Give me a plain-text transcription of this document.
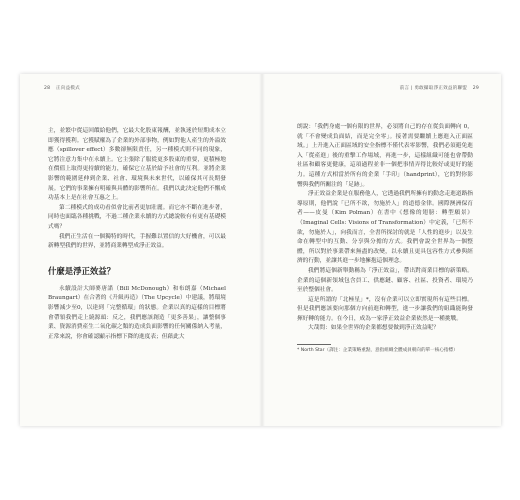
28 正向益模式

主，並繁中從這回饋給他們，它最大化股東報酬，並執迷於短期成本立即獲得獲利。它獲賦權為了企業的外部事物，例如對他人產生的外溢效應（spillover effect）多數卻無限責任，另一種模式則不同的現象，它將注意力集中在永續上。它主張除了服從更多股東的重要，更積極地在價值上取得更持續的能力，確保它立基於給予社會的互利。並將企業影響的範圍延伸到企業、社會、環境與未來世代，以確保其可長期發展。它們的事業擁有明確與具體的影響所在。我們以此決定他們不懈成功基本上是在社會互惠之上。

第二種模式的成功看似會比前者更加壯麗。而它亦不斷在進步著，同時也面臨各種挑戰，不過二種企業永續的方式總說較有有更有基礎模式嗎？

我們正生活在一個獨特的時代，手握難以置信的大好機會，可以最新轉型我們的世界，並將商業轉型成淨正效益。

什麼是淨正效益？

永續設計大師麥唐諾（Bill McDonough）和布朗嘉（Michael Braungart）在合著的《升級再造》（The Upcycle）中建議，將環境影響減少至0，以達到「完整循環」的狀態。企業以真的這樣的目標將會帶領我們走上繞源頭：反之，我們應該創造「更多善果」，讓整個事業、資源消費產生二氧化碳之類的造成負面影響的任何關係納入考量，正常來說，你會確認顯示指標下降的進度表；但藉此大

前言 | 勇敢攝取淨正效益的聯盟 29

朗說：「我們身處一個有限的世界，必須將自己的存在從負面轉向 0，就「不會變成負面結，而是完全零」。接著需要繼續上應進入正面區域。」上升進入正面區域的安全指標不僅代表零影響，我們必須避免進入「從產進」後的重擊工作場域，再進一步，這樣組織可能也會帶動社區和顧客更健康，這項過程並非一個把事情弄得比較好或更好的能力。這種方式相當於所有的企業「手印」（handprint），它的對你影響與我們所關注的「足跡」。

淨正效益企業是在服務他人，它透過我們所擁有的動念走進道路指導原則，他們說「已所不欲，勿施於人」的道德金律。國際澳洲保育者——皮曼（Kim Polman）在書中《想像的翅膀：轉型願景》（Imaginal Cells: Visions of Transformation）中定義，「已所不欲，勿施於人」，向我而言，全書所探討的就是「人性的進步」以及生命在轉型中的互動、分享與分擔的方式。我們會說全世界為一個整體，所以對於事業帶來無盡的改變，以永續且更具包容性方式參與經濟的行動，並讓其進一步地擁抱這個理念。

我們將這個新舉動稱為「淨正效益」，帶出對商業目標的新策略。企業的這個新領域包含員工、供應鏈、顧客、社區、投資者、環境乃至於整個社會。

這是所謂的「北極星」*，沒有企業可以立即實現所有這些目標。但是我們應該要向那個方向前進和轉型，進一步讓我們的組織能夠發揮好轉的能力。在今日，成為一家淨正效益企業依然是一種挑戰。

大哉問：如果全世界的企業都想要做到淨正效益呢？

* North Star（譯注：企業策略重點，意指組織全體成員朝向的單一核心指標）
